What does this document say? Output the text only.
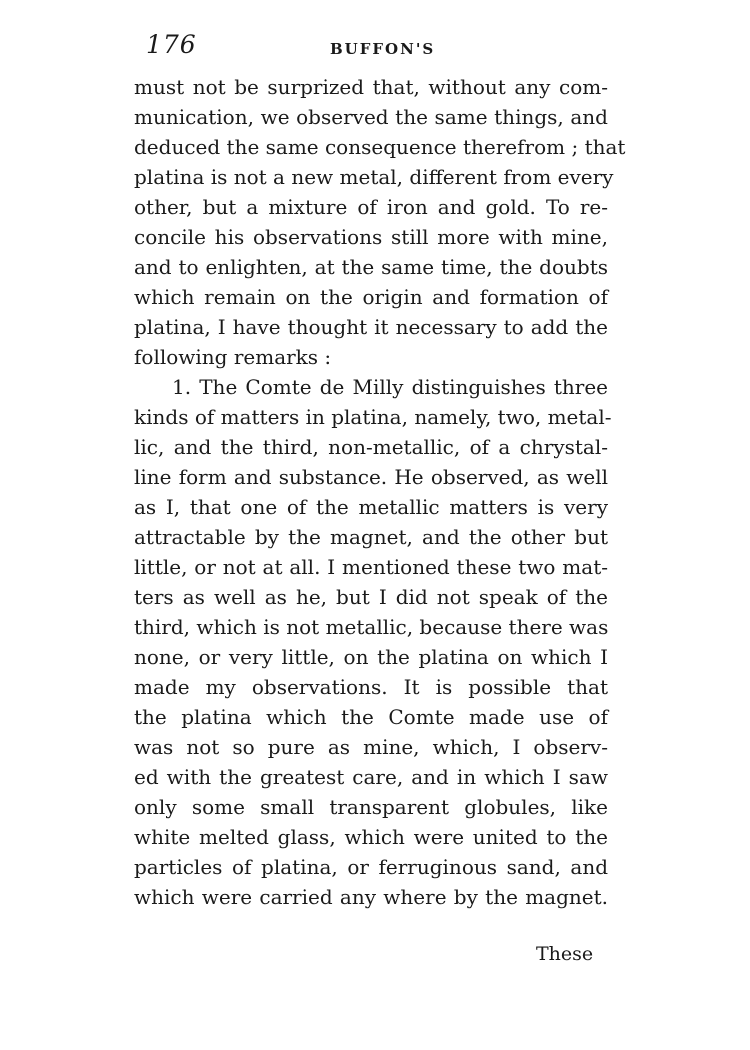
176	BUFFON'S
must not be surprized that, without any com-
munication, we observed the same things, and
deduced the same consequence therefrom ; that
platina is not a new metal, different from every
other, but a mixture of iron and gold. To re-
concile his observations still more with mine,
and to enlighten, at the same time, the doubts
which remain on the origin and formation of
platina, I have thought it necessary to add the
following remarks :
1. The Comte de Milly distinguishes three
kinds of matters in platina, namely, two, metal-
lic, and the third, non-metallic, of a chrystal-
line form and substance. He observed, as well
as I, that one of the metallic matters is very
attractable by the magnet, and the other but
little, or not at all. I mentioned these two mat-
ters as well as he, but I did not speak of the
third, which is not metallic, because there was
none, or very little, on the platina on which I
made my observations. It is possible that
the platina which the Comte made use of
was not so pure as mine, which, I observ-
ed with the greatest care, and in which I saw
only some small transparent globules, like
white melted glass, which were united to the
particles of platina, or ferruginous sand, and
which were carried any where by the magnet.
These
